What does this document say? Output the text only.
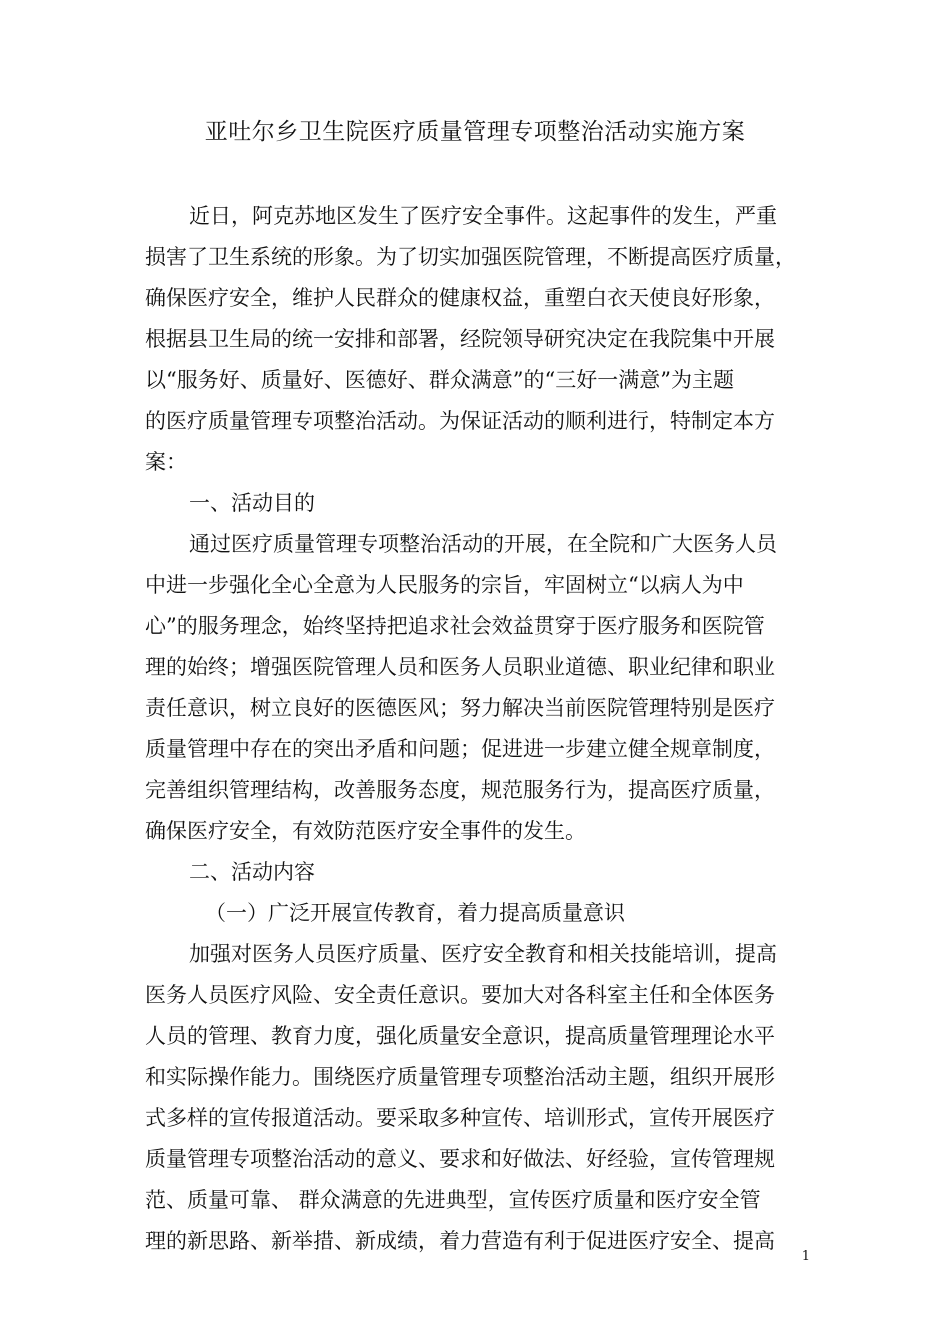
亚吐尔乡卫生院医疗质量管理专项整治活动实施方案
近日，阿克苏地区发生了医疗安全事件。这起事件的发生，严重
损害了卫生系统的形象。为了切实加强医院管理，不断提高医疗质量，
确保医疗安全，维护人民群众的健康权益，重塑白衣天使良好形象，
根据县卫生局的统一安排和部署，经院领导研究决定在我院集中开展
以“服务好、质量好、医德好、群众满意”的“三好一满意”为主题
的医疗质量管理专项整治活动。为保证活动的顺利进行，特制定本方
案：
一、活动目的
通过医疗质量管理专项整治活动的开展，在全院和广大医务人员
中进一步强化全心全意为人民服务的宗旨，牢固树立“以病人为中
心”的服务理念，始终坚持把追求社会效益贯穿于医疗服务和医院管
理的始终；增强医院管理人员和医务人员职业道德、职业纪律和职业
责任意识，树立良好的医德医风；努力解决当前医院管理特别是医疗
质量管理中存在的突出矛盾和问题；促进进一步建立健全规章制度，
完善组织管理结构，改善服务态度，规范服务行为，提高医疗质量，
确保医疗安全，有效防范医疗安全事件的发生。
二、活动内容
（一）广泛开展宣传教育，着力提高质量意识
加强对医务人员医疗质量、医疗安全教育和相关技能培训，提高
医务人员医疗风险、安全责任意识。要加大对各科室主任和全体医务
人员的管理、教育力度，强化质量安全意识，提高质量管理理论水平
和实际操作能力。围绕医疗质量管理专项整治活动主题，组织开展形
式多样的宣传报道活动。要采取多种宣传、培训形式，宣传开展医疗
质量管理专项整治活动的意义、要求和好做法、好经验，宣传管理规
范、质量可靠、 群众满意的先进典型，宣传医疗质量和医疗安全管
理的新思路、新举措、新成绩，着力营造有利于促进医疗安全、提高
1
